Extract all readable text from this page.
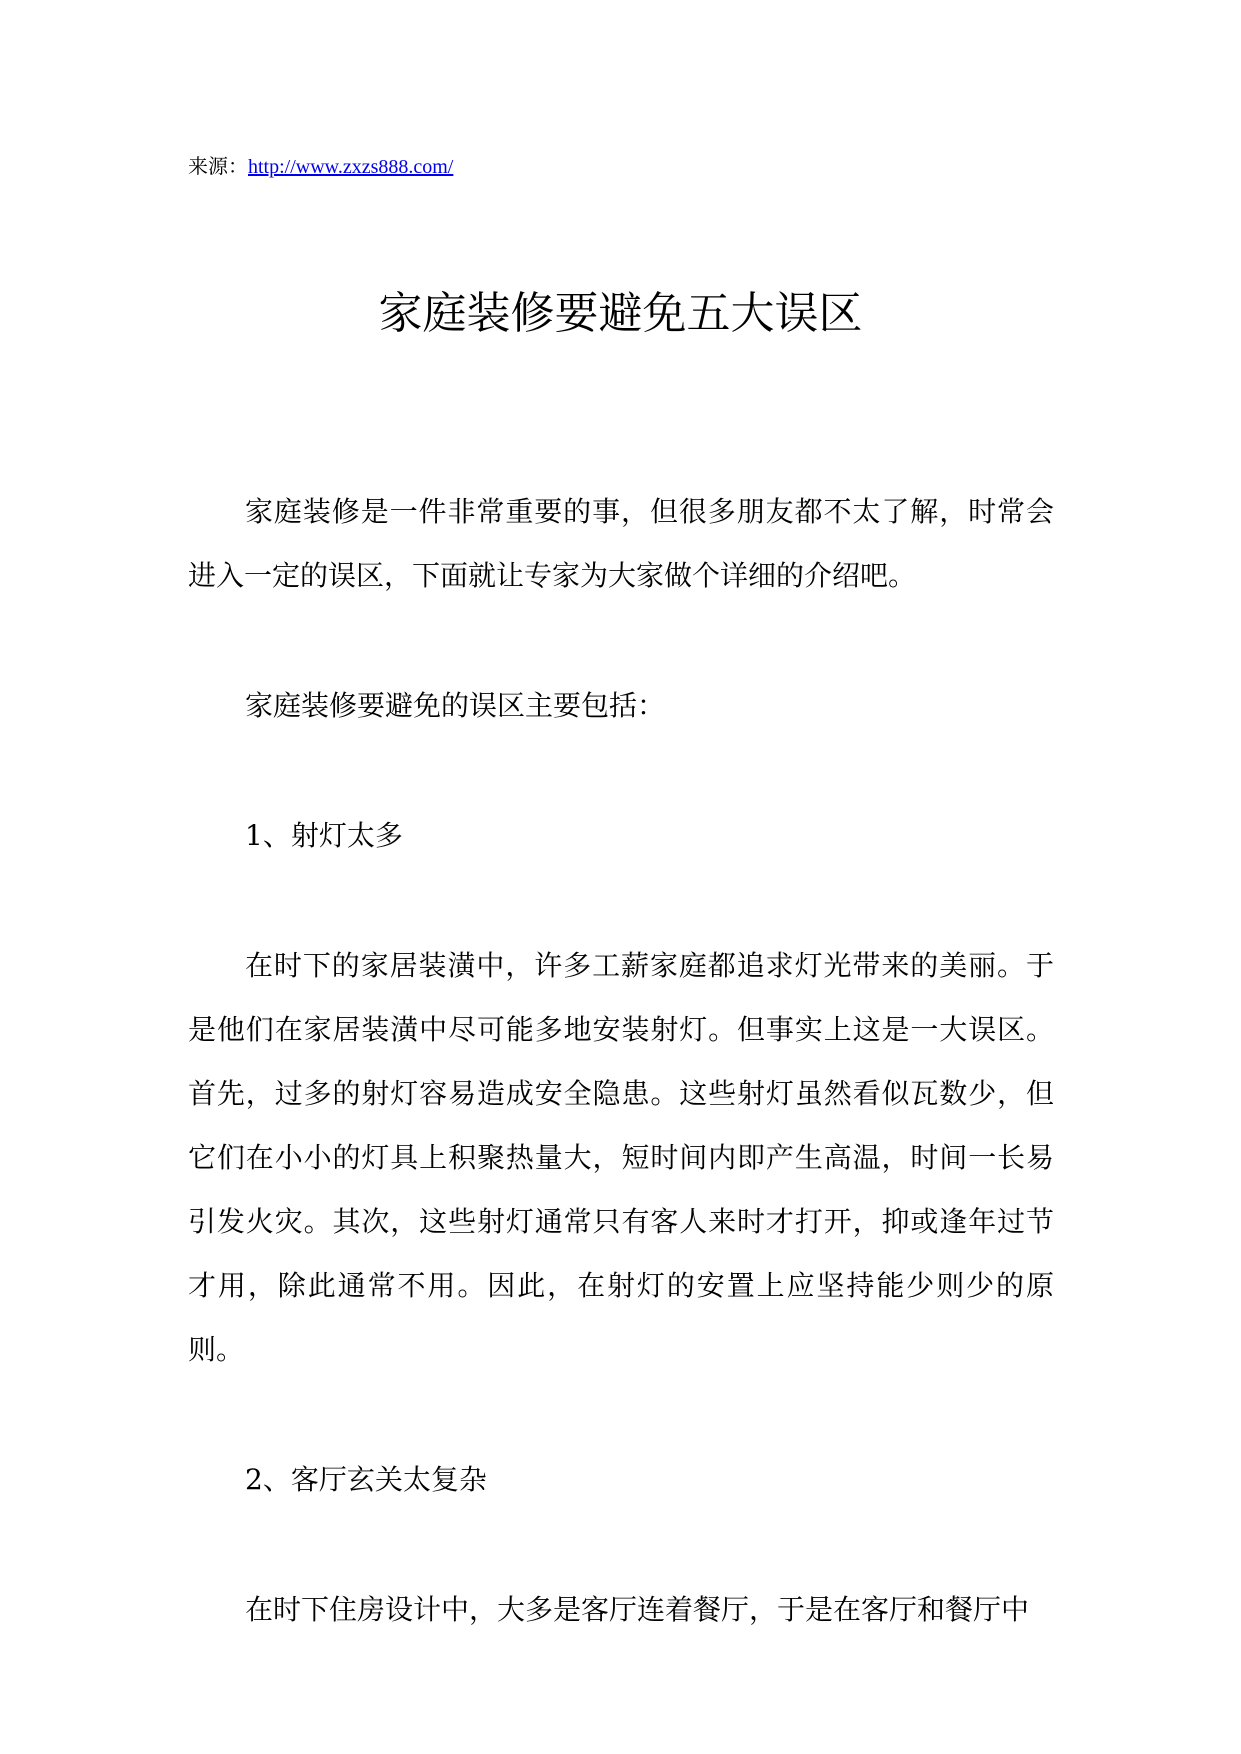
来源：http://www.zxzs888.com/
家庭装修要避免五大误区

家庭装修是一件非常重要的事，但很多朋友都不太了解，时常会进入一定的误区，下面就让专家为大家做个详细的介绍吧。

家庭装修要避免的误区主要包括：

1、射灯太多

在时下的家居装潢中，许多工薪家庭都追求灯光带来的美丽。于是他们在家居装潢中尽可能多地安装射灯。但事实上这是一大误区。首先，过多的射灯容易造成安全隐患。这些射灯虽然看似瓦数少，但它们在小小的灯具上积聚热量大，短时间内即产生高温，时间一长易引发火灾。其次，这些射灯通常只有客人来时才打开，抑或逢年过节才用，除此通常不用。因此，在射灯的安置上应坚持能少则少的原则。

2、客厅玄关太复杂

在时下住房设计中，大多是客厅连着餐厅，于是在客厅和餐厅中
